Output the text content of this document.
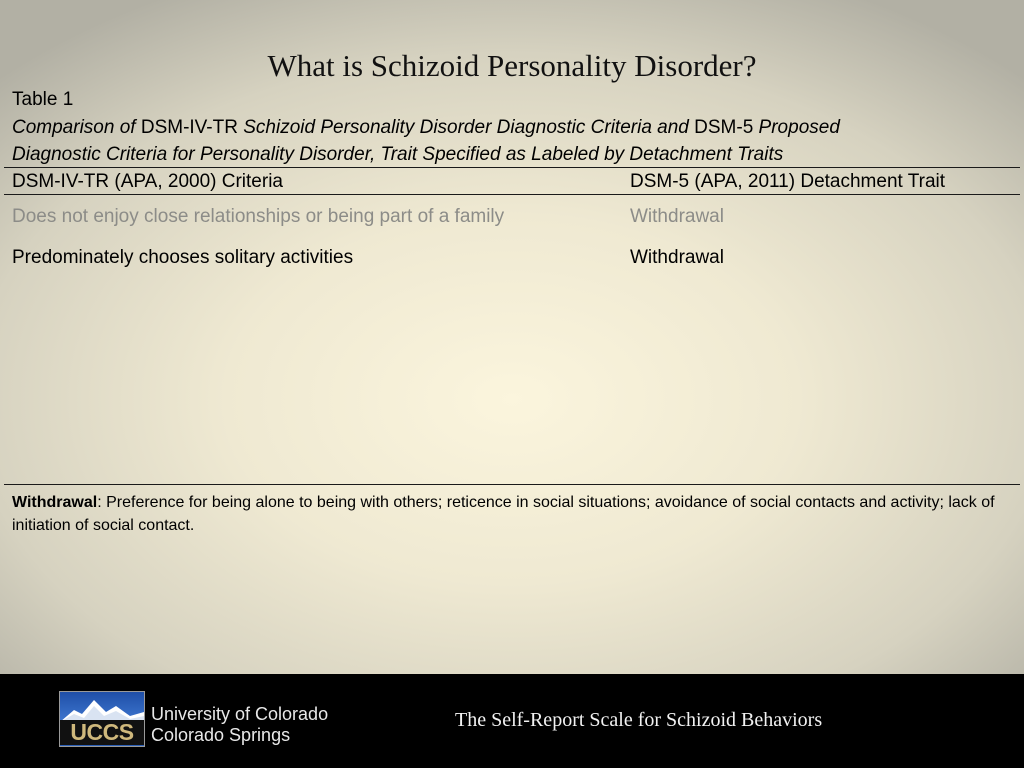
What is Schizoid Personality Disorder?
Table 1
Comparison of DSM-IV-TR Schizoid Personality Disorder Diagnostic Criteria and DSM-5 Proposed
Diagnostic Criteria for Personality Disorder, Trait Specified as Labeled by Detachment Traits
DSM-IV-TR (APA, 2000) Criteria	DSM-5 (APA, 2011) Detachment Trait
Does not enjoy close relationships or being part of a family	Withdrawal
Predominately chooses solitary activities	Withdrawal
Withdrawal: Preference for being alone to being with others; reticence in social situations; avoidance of social contacts and activity; lack of initiation of social contact.
UCCS
University of Colorado
Colorado Springs
The Self-Report Scale for Schizoid Behaviors
